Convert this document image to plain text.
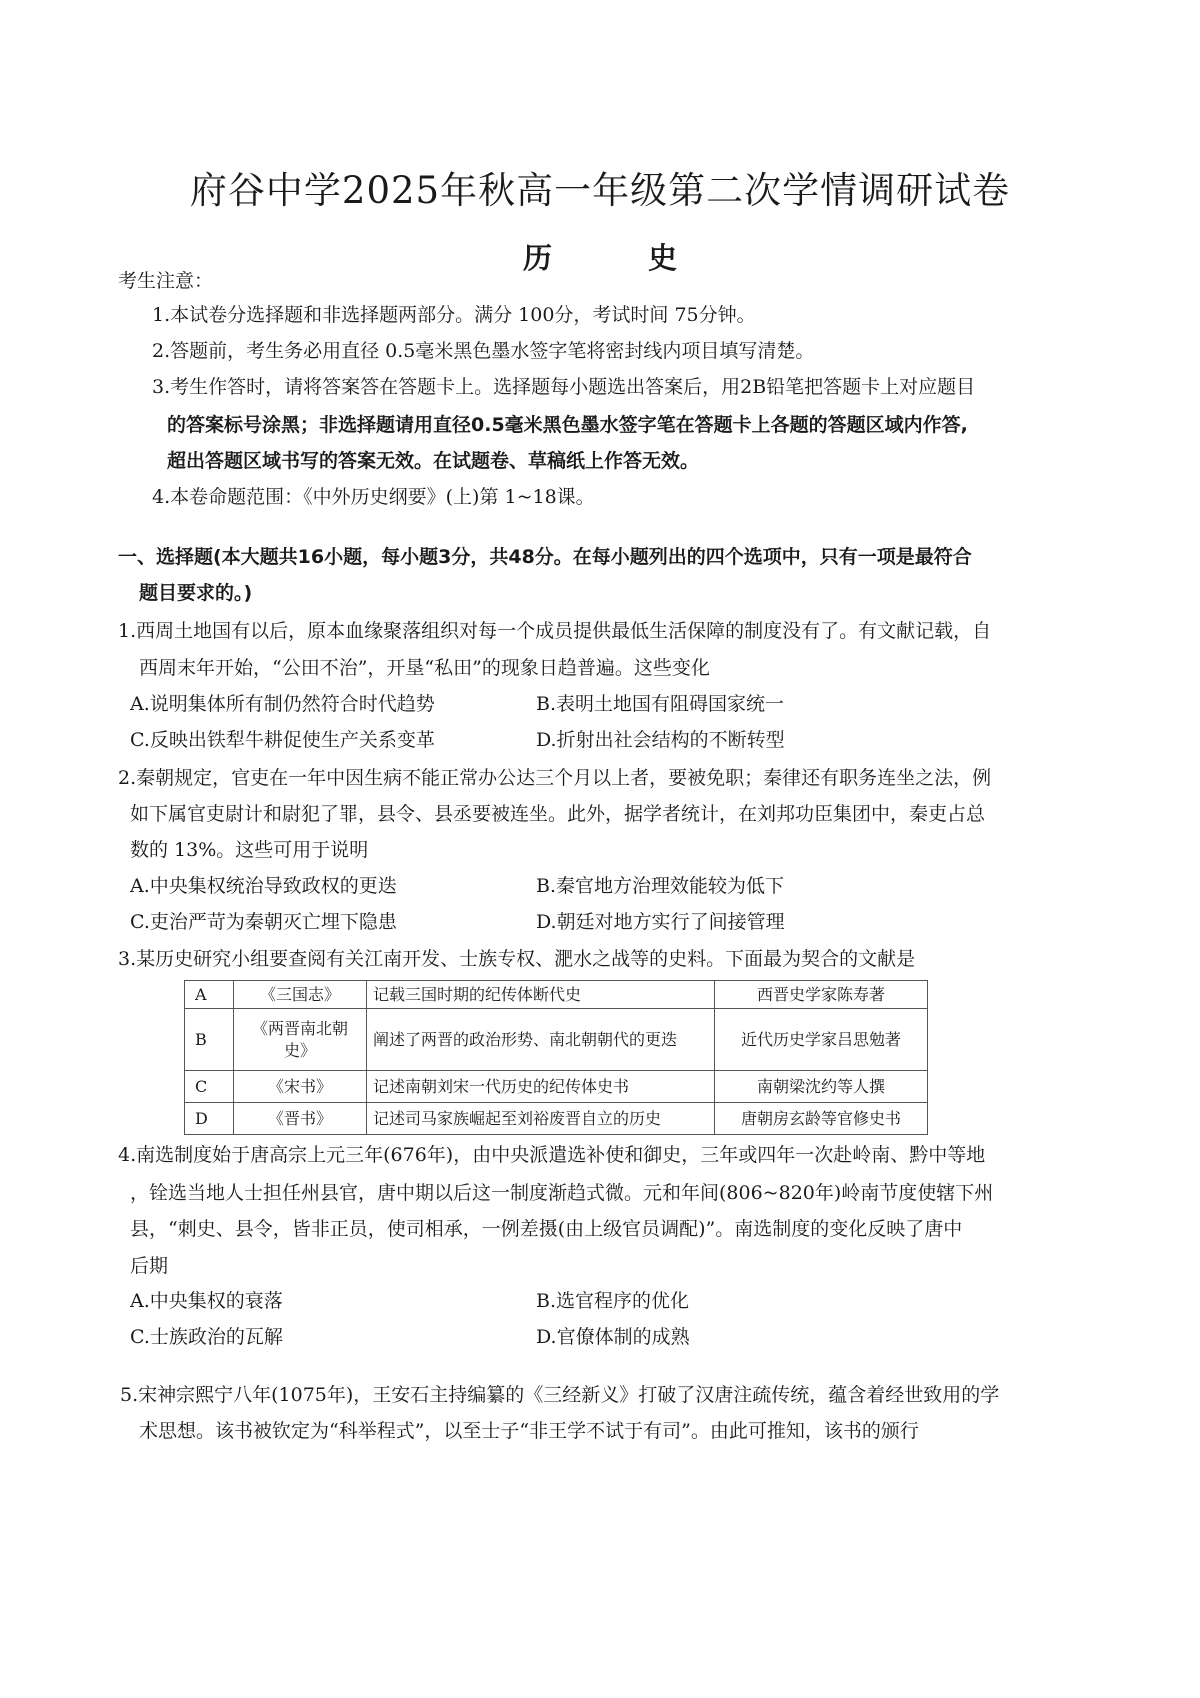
府谷中学2025年秋高一年级第二次学情调研试卷
历	史
考生注意：
1.本试卷分选择题和非选择题两部分。满分 100分，考试时间 75分钟。
2.答题前，考生务必用直径 0.5毫米黑色墨水签字笔将密封线内项目填写清楚。
3.考生作答时，请将答案答在答题卡上。选择题每小题选出答案后，用2B铅笔把答题卡上对应题目
的答案标号涂黑；非选择题请用直径0.5毫米黑色墨水签字笔在答题卡上各题的答题区域内作答,
超出答题区域书写的答案无效。在试题卷、草稿纸上作答无效。
4.本卷命题范围：《中外历史纲要》(上)第 1~18课。
一、选择题(本大题共16小题，每小题3分，共48分。在每小题列出的四个选项中，只有一项是最符合
题目要求的。)
1.西周土地国有以后，原本血缘聚落组织对每一个成员提供最低生活保障的制度没有了。有文献记载，自
西周末年开始，“公田不治”，开垦“私田”的现象日趋普遍。这些变化
A.说明集体所有制仍然符合时代趋势	B.表明土地国有阻碍国家统一
C.反映出铁犁牛耕促使生产关系变革	D.折射出社会结构的不断转型
2.秦朝规定，官吏在一年中因生病不能正常办公达三个月以上者，要被免职；秦律还有职务连坐之法，例
如下属官吏尉计和尉犯了罪，县令、县丞要被连坐。此外，据学者统计，在刘邦功臣集团中，秦吏占总
数的 13%。这些可用于说明
A.中央集权统治导致政权的更迭	B.秦官地方治理效能较为低下
C.吏治严苛为秦朝灭亡埋下隐患	D.朝廷对地方实行了间接管理
3.某历史研究小组要查阅有关江南开发、士族专权、淝水之战等的史料。下面最为契合的文献是
A	《三国志》	记载三国时期的纪传体断代史	西晋史学家陈寿著
B	《两晋南北朝史》	阐述了两晋的政治形势、南北朝朝代的更迭	近代历史学家吕思勉著
C	《宋书》	记述南朝刘宋一代历史的纪传体史书	南朝梁沈约等人撰
D	《晋书》	记述司马家族崛起至刘裕废晋自立的历史	唐朝房玄龄等官修史书
4.南选制度始于唐高宗上元三年(676年)，由中央派遣选补使和御史，三年或四年一次赴岭南、黔中等地
，铨选当地人士担任州县官，唐中期以后这一制度渐趋式微。元和年间(806~820年)岭南节度使辖下州
县，“刺史、县令，皆非正员，使司相承，一例差摄(由上级官员调配)”。南选制度的变化反映了唐中
后期
A.中央集权的衰落	B.选官程序的优化
C.士族政治的瓦解	D.官僚体制的成熟
5.宋神宗熙宁八年(1075年)，王安石主持编纂的《三经新义》打破了汉唐注疏传统，蕴含着经世致用的学
术思想。该书被钦定为“科举程式”，以至士子“非王学不试于有司”。由此可推知，该书的颁行
